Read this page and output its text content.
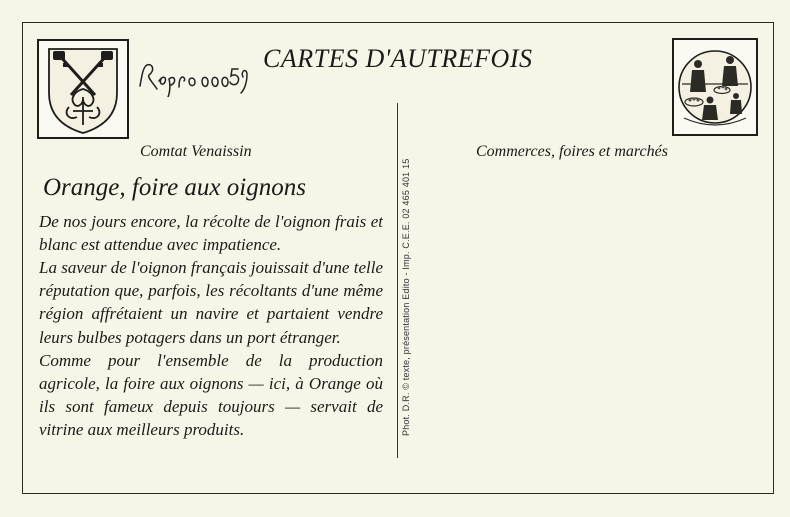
CARTES D'AUTREFOIS
Comtat Venaissin	Commerces, foires et marchés
Orange, foire aux oignons

De nos jours encore, la récolte de l'oignon frais et blanc est attendue avec impatience.

La saveur de l'oignon français jouissait d'une telle réputation que, parfois, les récoltants d'une même région affrétaient un navire et partaient vendre leurs bulbes potagers dans un port étranger.

Comme pour l'ensemble de la production agricole, la foire aux oignons — ici, à Orange où ils sont fameux depuis toujours — servait de vitrine aux meilleurs produits.	Phot. D.R. © texte, présentation Edito - Imp. C.E.E. 02 465 401 15
